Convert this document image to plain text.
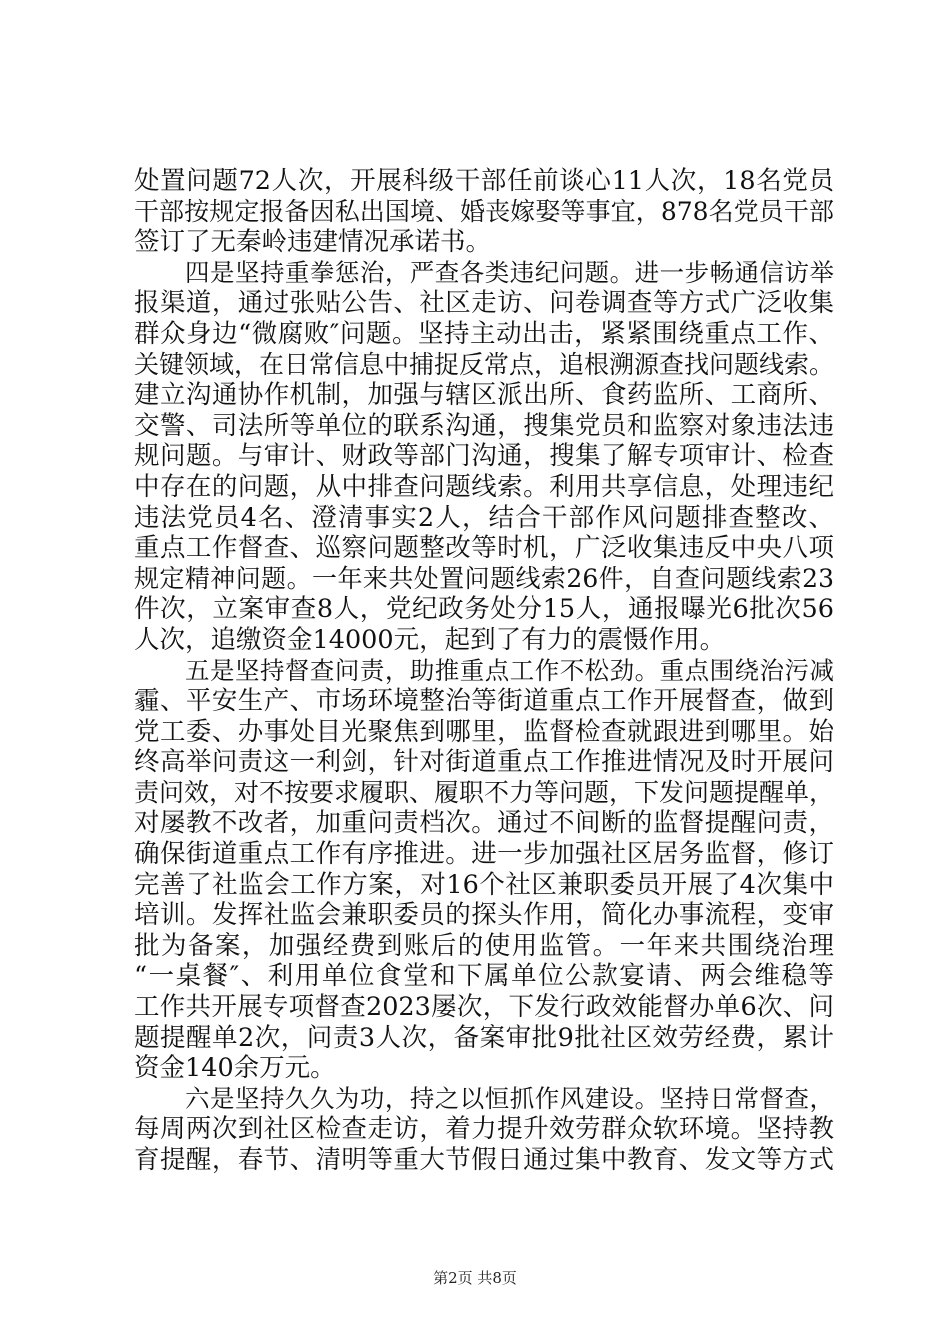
处置问题72人次，开展科级干部任前谈心11人次，18名党员
干部按规定报备因私出国境、婚丧嫁娶等事宜，878名党员干部
签订了无秦岭违建情况承诺书。
四是坚持重拳惩治，严查各类违纪问题。进一步畅通信访举
报渠道，通过张贴公告、社区走访、问卷调查等方式广泛收集
群众身边“微腐败″问题。坚持主动出击，紧紧围绕重点工作、
关键领域，在日常信息中捕捉反常点，追根溯源查找问题线索。
建立沟通协作机制，加强与辖区派出所、食药监所、工商所、
交警、司法所等单位的联系沟通，搜集党员和监察对象违法违
规问题。与审计、财政等部门沟通，搜集了解专项审计、检查
中存在的问题，从中排查问题线索。利用共享信息，处理违纪
违法党员4名、澄清事实2人，结合干部作风问题排查整改、
重点工作督查、巡察问题整改等时机，广泛收集违反中央八项
规定精神问题。一年来共处置问题线索26件，自查问题线索23
件次，立案审查8人，党纪政务处分15人，通报曝光6批次56
人次，追缴资金14000元，起到了有力的震慑作用。
五是坚持督查问责，助推重点工作不松劲。重点围绕治污减
霾、平安生产、市场环境整治等街道重点工作开展督查，做到
党工委、办事处目光聚焦到哪里，监督检查就跟进到哪里。始
终高举问责这一利剑，针对街道重点工作推进情况及时开展问
责问效，对不按要求履职、履职不力等问题，下发问题提醒单，
对屡教不改者，加重问责档次。通过不间断的监督提醒问责，
确保街道重点工作有序推进。进一步加强社区居务监督，修订
完善了社监会工作方案，对16个社区兼职委员开展了4次集中
培训。发挥社监会兼职委员的探头作用，简化办事流程，变审
批为备案，加强经费到账后的使用监管。一年来共围绕治理
“一桌餐″、利用单位食堂和下属单位公款宴请、两会维稳等
工作共开展专项督查2023屡次，下发行政效能督办单6次、问
题提醒单2次，问责3人次，备案审批9批社区效劳经费，累计
资金140余万元。
六是坚持久久为功，持之以恒抓作风建设。坚持日常督查，
每周两次到社区检查走访，着力提升效劳群众软环境。坚持教
育提醒，春节、清明等重大节假日通过集中教育、发文等方式
第2页 共8页
